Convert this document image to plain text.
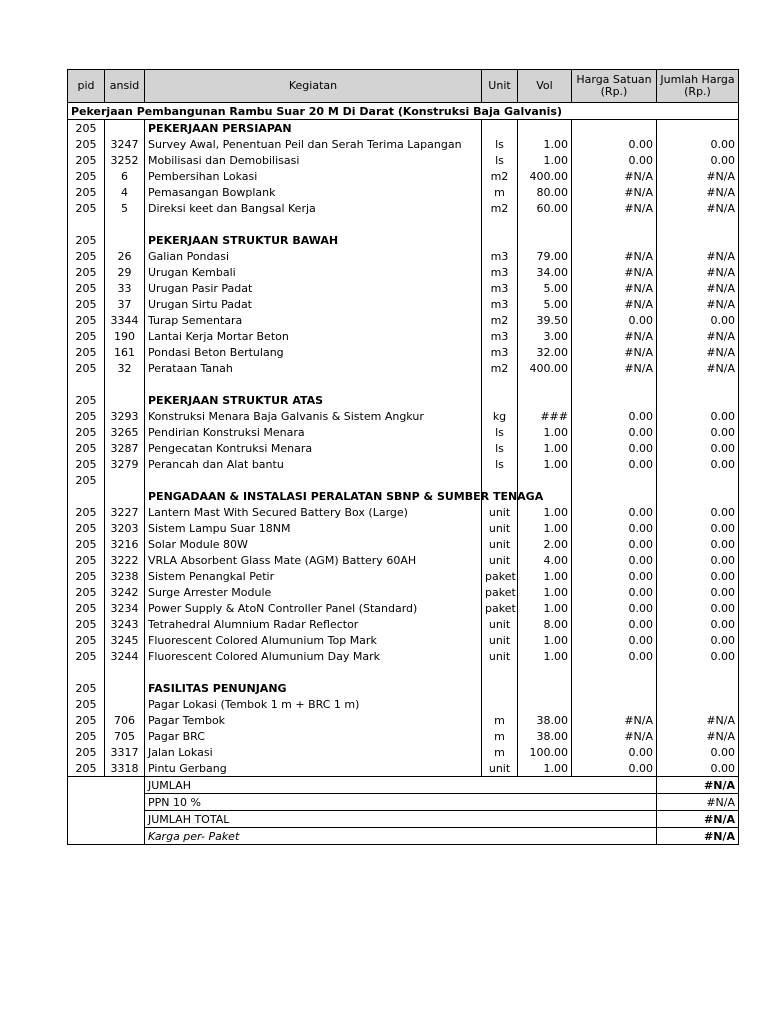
pid	ansid	Kegiatan	Unit	Vol	Harga Satuan (Rp.)	Jumlah Harga (Rp.)
Pekerjaan Pembangunan Rambu Suar 20 M Di Darat (Konstruksi Baja Galvanis)						
205		PEKERJAAN PERSIAPAN				
205	3247	Survey Awal, Penentuan Peil dan Serah Terima Lapangan	ls	1.00	0.00	0.00
205	3252	Mobilisasi dan Demobilisasi	ls	1.00	0.00	0.00
205	6	Pembersihan Lokasi	m2	400.00	#N/A	#N/A
205	4	Pemasangan Bowplank	m	80.00	#N/A	#N/A
205	5	Direksi keet dan Bangsal Kerja	m2	60.00	#N/A	#N/A

205		PEKERJAAN STRUKTUR BAWAH				
205	26	Galian Pondasi	m3	79.00	#N/A	#N/A
205	29	Urugan Kembali	m3	34.00	#N/A	#N/A
205	33	Urugan Pasir Padat	m3	5.00	#N/A	#N/A
205	37	Urugan Sirtu Padat	m3	5.00	#N/A	#N/A
205	3344	Turap Sementara	m2	39.50	0.00	0.00
205	190	Lantai Kerja Mortar Beton	m3	3.00	#N/A	#N/A
205	161	Pondasi Beton Bertulang	m3	32.00	#N/A	#N/A
205	32	Perataan Tanah	m2	400.00	#N/A	#N/A

205		PEKERJAAN STRUKTUR ATAS				
205	3293	Konstruksi Menara Baja Galvanis & Sistem Angkur	kg	###	0.00	0.00
205	3265	Pendirian Konstruksi Menara	ls	1.00	0.00	0.00
205	3287	Pengecatan Kontruksi Menara	ls	1.00	0.00	0.00
205	3279	Perancah dan Alat bantu	ls	1.00	0.00	0.00
205						
		PENGADAAN & INSTALASI PERALATAN SBNP & SUMBER TENAGA				
205	3227	Lantern Mast With Secured Battery Box (Large)	unit	1.00	0.00	0.00
205	3203	Sistem Lampu Suar 18NM	unit	1.00	0.00	0.00
205	3216	Solar Module 80W	unit	2.00	0.00	0.00
205	3222	VRLA Absorbent Glass Mate (AGM) Battery 60AH	unit	4.00	0.00	0.00
205	3238	Sistem Penangkal Petir	paket	1.00	0.00	0.00
205	3242	Surge Arrester Module	paket	1.00	0.00	0.00
205	3234	Power Supply & AtoN Controller Panel (Standard)	paket	1.00	0.00	0.00
205	3243	Tetrahedral Alumnium Radar Reflector	unit	8.00	0.00	0.00
205	3245	Fluorescent Colored Alumunium Top Mark	unit	1.00	0.00	0.00
205	3244	Fluorescent Colored Alumunium Day Mark	unit	1.00	0.00	0.00

205		FASILITAS PENUNJANG				
205		Pagar Lokasi (Tembok 1 m + BRC 1 m)				
205	706	Pagar Tembok	m	38.00	#N/A	#N/A
205	705	Pagar BRC	m	38.00	#N/A	#N/A
205	3317	Jalan Lokasi	m	100.00	0.00	0.00
205	3318	Pintu Gerbang	unit	1.00	0.00	0.00
		JUMLAH				#N/A
		PPN 10 %				#N/A
		JUMLAH TOTAL				#N/A
		Karga per- Paket				#N/A
